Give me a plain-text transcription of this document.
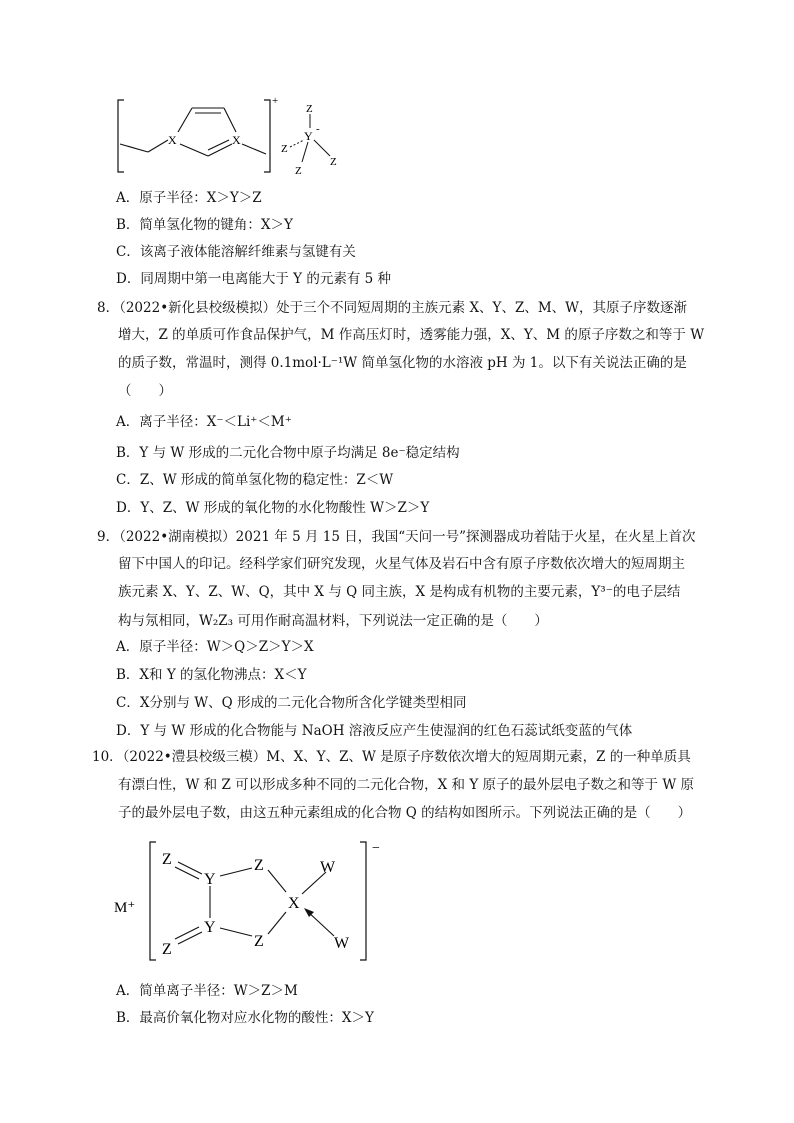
X	X
+
Z
Y -
Z
Z
Z
A．原子半径：X＞Y＞Z
B．简单氢化物的键角：X＞Y
C．该离子液体能溶解纤维素与氢键有关
D．同周期中第一电离能大于 Y 的元素有 5 种
8．（2022•新化县校级模拟）处于三个不同短周期的主族元素 X、Y、Z、M、W，其原子序数逐渐
增大，Z 的单质可作食品保护气，M 作高压灯时，透雾能力强，X、Y、M 的原子序数之和等于 W
的质子数，常温时，测得 0.1mol·L⁻¹W 简单氢化物的水溶液 pH 为 1。以下有关说法正确的是
（　　）
A．离子半径：X⁻＜Li⁺＜M⁺
B．Y 与 W 形成的二元化合物中原子均满足 8e⁻稳定结构
C．Z、W 形成的简单氢化物的稳定性：Z＜W
D．Y、Z、W 形成的氧化物的水化物酸性 W＞Z＞Y
9．（2022•湖南模拟）2021 年 5 月 15 日，我国“天问一号”探测器成功着陆于火星，在火星上首次
留下中国人的印记。经科学家们研究发现，火星气体及岩石中含有原子序数依次增大的短周期主
族元素 X、Y、Z、W、Q，其中 X 与 Q 同主族，X 是构成有机物的主要元素，Y³⁻的电子层结
构与氖相同，W₂Z₃ 可用作耐高温材料，下列说法一定正确的是（　　）
A．原子半径：W＞Q＞Z＞Y＞X
B．X和 Y 的氢化物沸点：X＜Y
C．X分别与 W、Q 形成的二元化合物所含化学键类型相同
D．Y 与 W 形成的化合物能与 NaOH 溶液反应产生使湿润的红色石蕊试纸变蓝的气体
10．（2022•澧县校级三模）M、X、Y、Z、W 是原子序数依次增大的短周期元素，Z 的一种单质具
有漂白性，W 和 Z 可以形成多种不同的二元化合物，X 和 Y 原子的最外层电子数之和等于 W 原
子的最外层电子数，由这五种元素组成的化合物 Q 的结构如图所示。下列说法正确的是（　　）
M⁺
−
Z
Y
Y
Z
Z
Z
X
W
W
A．简单离子半径：W＞Z＞M
B．最高价氧化物对应水化物的酸性：X＞Y
